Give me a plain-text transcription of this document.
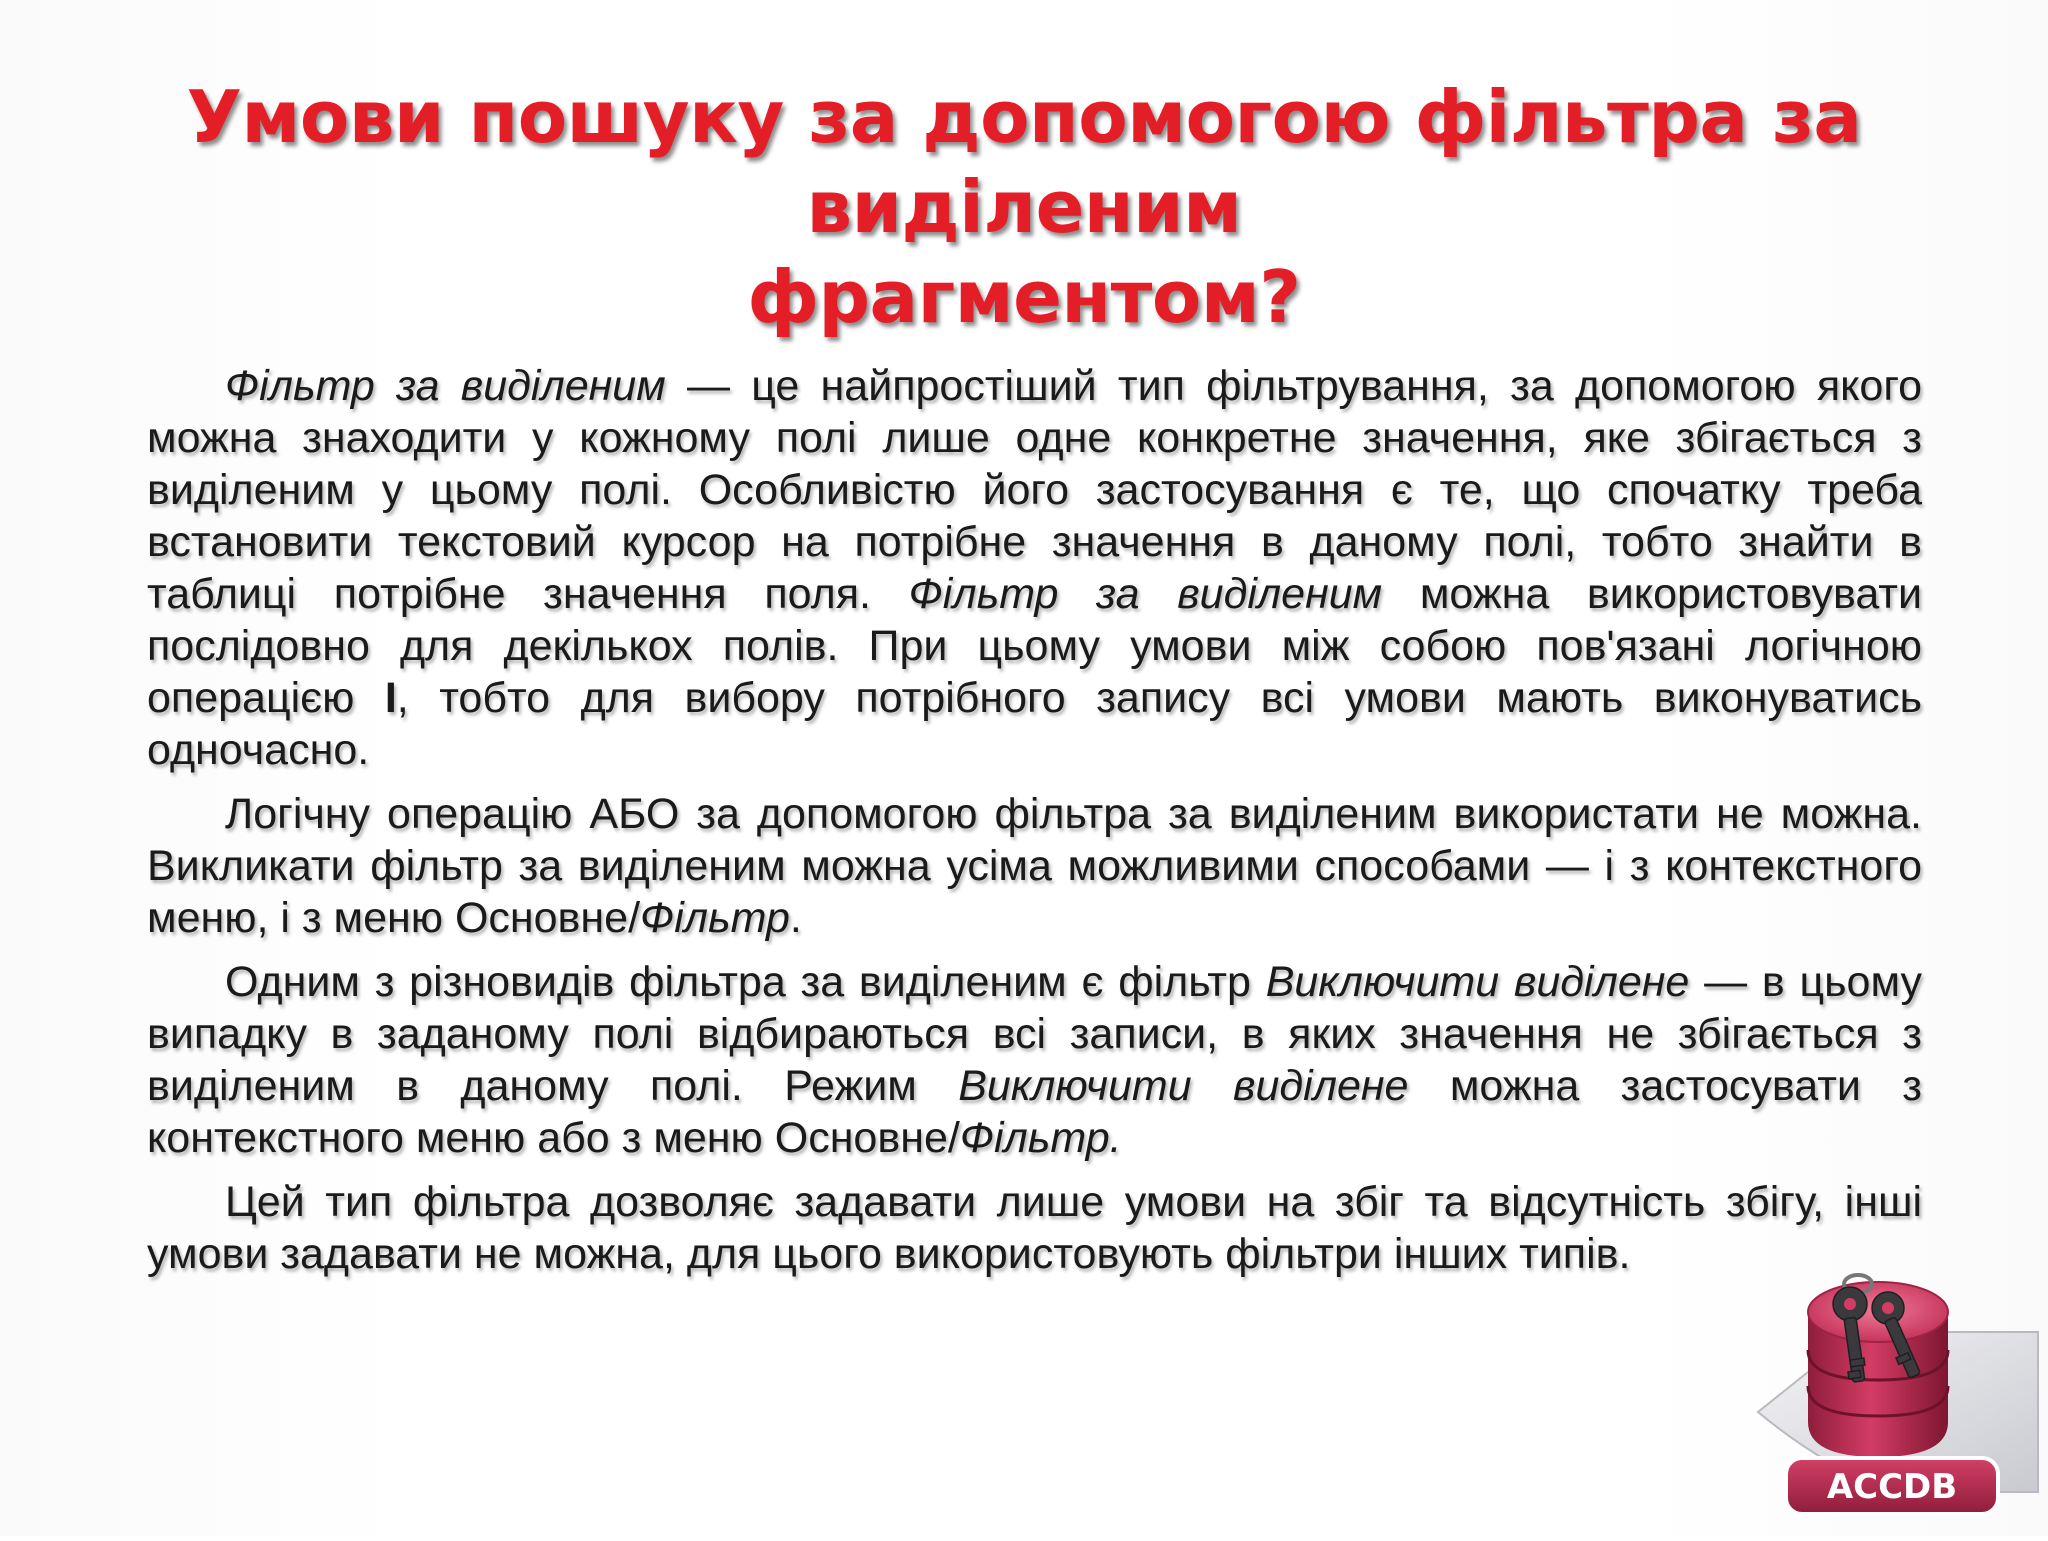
Умови пошуку за допомогою фільтра за виділеним
фрагментом?

Фільтр за виділеним — це найпростіший тип фільтрування, за допомогою якого можна знаходити у кожному полі лише одне конкретне значення, яке збігається з виділеним у цьому полі. Особливістю його застосування є те, що спочатку треба встановити текстовий курсор на потрібне значення в даному полі, тобто знайти в таблиці потрібне значення поля. Фільтр за виділеним можна використовувати послідовно для декількох полів. При цьому умови між собою пов'язані логічною операцією І, тобто для вибору потрібного запису всі умови мають виконуватись одночасно.

Логічну операцію АБО за допомогою фільтра за виділеним використати не можна. Викликати фільтр за виділеним можна усіма можливими способами — і з контекстного меню, і з меню Основне/Фільтр.

Одним з різновидів фільтра за виділеним є фільтр Виключити виділене — в цьому випадку в заданому полі відбираються всі записи, в яких значення не збігається з виділеним в даному полі. Режим Виключити виділене можна застосувати з контекстного меню або з меню Основне/Фільтр.

Цей тип фільтра дозволяє задавати лише умови на збіг та відсутність збігу, інші умови задавати не можна, для цього використовують фільтри інших типів.

ACCDB
